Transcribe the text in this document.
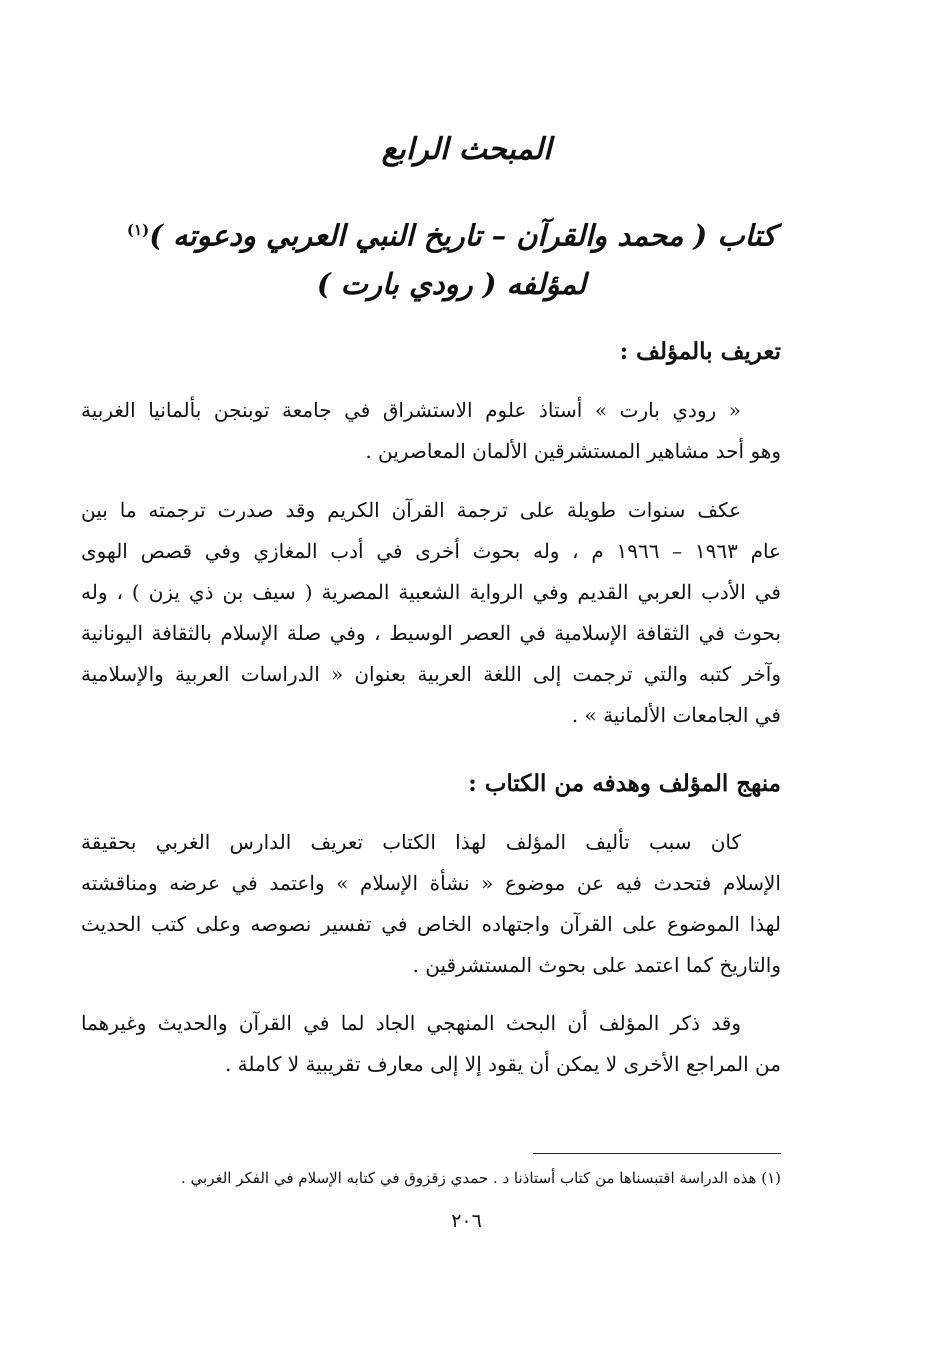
المبحث الرابع
كتاب ( محمد والقرآن – تاريخ النبي العربي ودعوته )$^{(١)}$
لمؤلفه ( رودي بارت )
تعريف بالمؤلف :
« رودي بارت » أستاذ علوم الاستشراق في جامعة توبنجن بألمانيا الغربية
وهو أحد مشاهير المستشرقين الألمان المعاصرين .
عكف سنوات طويلة على ترجمة القرآن الكريم وقد صدرت ترجمته ما بين
عام ١٩٦٣ – ١٩٦٦ م ، وله بحوث أخرى في أدب المغازي وفي قصص الهوى
في الأدب العربي القديم وفي الرواية الشعبية المصرية ( سيف بن ذي يزن ) ، وله
بحوث في الثقافة الإسلامية في العصر الوسيط ، وفي صلة الإسلام بالثقافة اليونانية
وآخر كتبه والتي ترجمت إلى اللغة العربية بعنوان « الدراسات العربية والإسلامية
في الجامعات الألمانية » .
منهج المؤلف وهدفه من الكتاب :
كان سبب تأليف المؤلف لهذا الكتاب تعريف الدارس الغربي بحقيقة
الإسلام فتحدث فيه عن موضوع « نشأة الإسلام » واعتمد في عرضه ومناقشته
لهذا الموضوع على القرآن واجتهاده الخاص في تفسير نصوصه وعلى كتب الحديث
والتاريخ كما اعتمد على بحوث المستشرقين .
وقد ذكر المؤلف أن البحث المنهجي الجاد لما في القرآن والحديث وغيرهما
من المراجع الأخرى لا يمكن أن يقود إلا إلى معارف تقريبية لا كاملة .
(١) هذه الدراسة اقتبسناها من كتاب أستاذنا د . حمدي زقزوق في كتابه الإسلام في الفكر الغربي .
٢٠٦
